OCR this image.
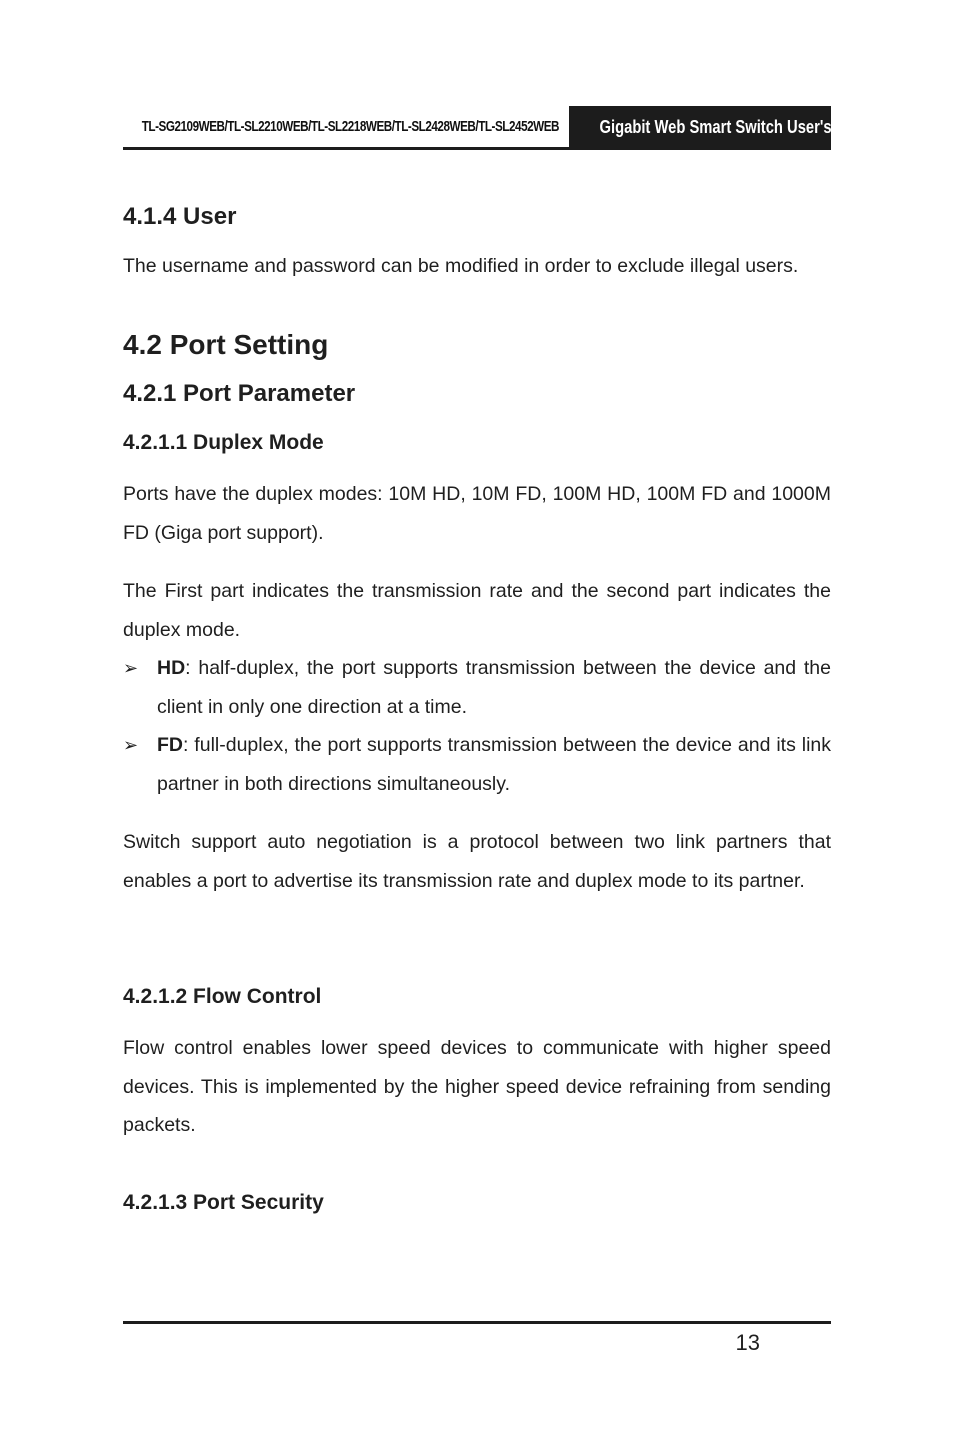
TL-SG2109WEB/TL-SL2210WEB/TL-SL2218WEB/TL-SL2428WEB/TL-SL2452WEB	Gigabit Web Smart Switch User's Guide
4.1.4 User

The username and password can be modified in order to exclude illegal users.

4.2 Port Setting
4.2.1 Port Parameter
4.2.1.1 Duplex Mode

Ports have the duplex modes: 10M HD, 10M FD, 100M HD, 100M FD and 1000M FD (Giga port support).

The First part indicates the transmission rate and the second part indicates the duplex mode.

➢ HD: half-duplex, the port supports transmission between the device and the client in only one direction at a time.

➢ FD: full-duplex, the port supports transmission between the device and its link partner in both directions simultaneously.

Switch support auto negotiation is a protocol between two link partners that enables a port to advertise its transmission rate and duplex mode to its partner.

4.2.1.2 Flow Control

Flow control enables lower speed devices to communicate with higher speed devices. This is implemented by the higher speed device refraining from sending packets.

4.2.1.3 Port Security
13
